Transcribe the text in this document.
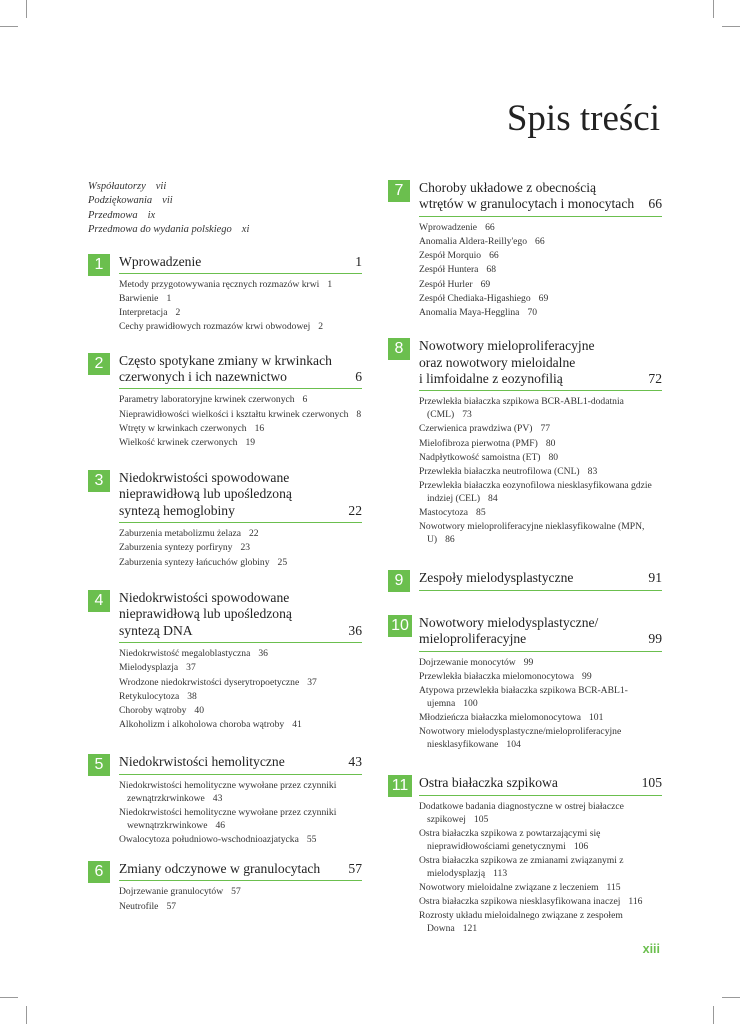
Spis treści

Współautorzy vii

Podziękowania vii

Przedmowa ix

Przedmowa do wydania polskiego xi

1	Wprowadzenie	1
Metody przygotowywania ręcznych rozmazów krwi 1
Barwienie 1
Interpretacja 2
Cechy prawidłowych rozmazów krwi obwodowej 2
2	Często spotykane zmiany w krwinkach
czerwonych i ich nazewnictwo	6
Parametry laboratoryjne krwinek czerwonych 6
Nieprawidłowości wielkości i kształtu krwinek czerwonych 8
Wtręty w krwinkach czerwonych 16
Wielkość krwinek czerwonych 19
3	Niedokrwistości spowodowane
nieprawidłową lub upośledzoną
syntezą hemoglobiny	22
Zaburzenia metabolizmu żelaza 22
Zaburzenia syntezy porfiryny 23
Zaburzenia syntezy łańcuchów globiny 25
4	Niedokrwistości spowodowane
nieprawidłową lub upośledzoną
syntezą DNA	36
Niedokrwistość megaloblastyczna 36
Mielodysplazja 37
Wrodzone niedokrwistości dyserytropoetyczne 37
Retykulocytoza 38
Choroby wątroby 40
Alkoholizm i alkoholowa choroba wątroby 41
5	Niedokrwistości hemolityczne	43
Niedokrwistości hemolityczne wywołane przez czynniki zewnątrzkrwinkowe 43
Niedokrwistości hemolityczne wywołane przez czynniki wewnątrzkrwinkowe 46
Owalocytoza południowo-wschodnioazjatycka 55
6	Zmiany odczynowe w granulocytach 57
Dojrzewanie granulocytów 57
Neutrofile 57
7	Choroby układowe z obecnością
wtrętów w granulocytach i monocytach 66
Wprowadzenie 66
Anomalia Aldera-Reilly'ego 66
Zespół Morquio 66
Zespół Huntera 68
Zespół Hurler 69
Zespół Chediaka-Higashiego 69
Anomalia Maya-Hegglina 70
8	Nowotwory mieloproliferacyjne
oraz nowotwory mieloidalne
i limfoidalne z eozynofilią	72
Przewlekła białaczka szpikowa BCR-ABL1-dodatnia (CML) 73
Czerwienica prawdziwa (PV) 77
Mielofibroza pierwotna (PMF) 80
Nadpłytkowość samoistna (ET) 80
Przewlekła białaczka neutrofilowa (CNL) 83
Przewlekła białaczka eozynofilowa niesklasyfikowana gdzie indziej (CEL) 84
Mastocytoza 85
Nowotwory mieloproliferacyjne nieklasyfikowalne (MPN, U) 86
9	Zespoły mielodysplastyczne	91
10 Nowotwory mielodysplastyczne/
mieloproliferacyjne	99
Dojrzewanie monocytów 99
Przewlekła białaczka mielomonocytowa 99
Atypowa przewlekła białaczka szpikowa BCR-ABL1-ujemna 100
Młodzieńcza białaczka mielomonocytowa 101
Nowotwory mielodysplastyczne/mieloproliferacyjne niesklasyfikowane 104
11 Ostra białaczka szpikowa	105
Dodatkowe badania diagnostyczne w ostrej białaczce szpikowej 105
Ostra białaczka szpikowa z powtarzającymi się nieprawidłowościami genetycznymi 106
Ostra białaczka szpikowa ze zmianami związanymi z mielodysplazją 113
Nowotwory mieloidalne związane z leczeniem 115
Ostra białaczka szpikowa niesklasyfikowana inaczej 116
Rozrosty układu mieloidalnego związane z zespołem Downa 121
xiii
